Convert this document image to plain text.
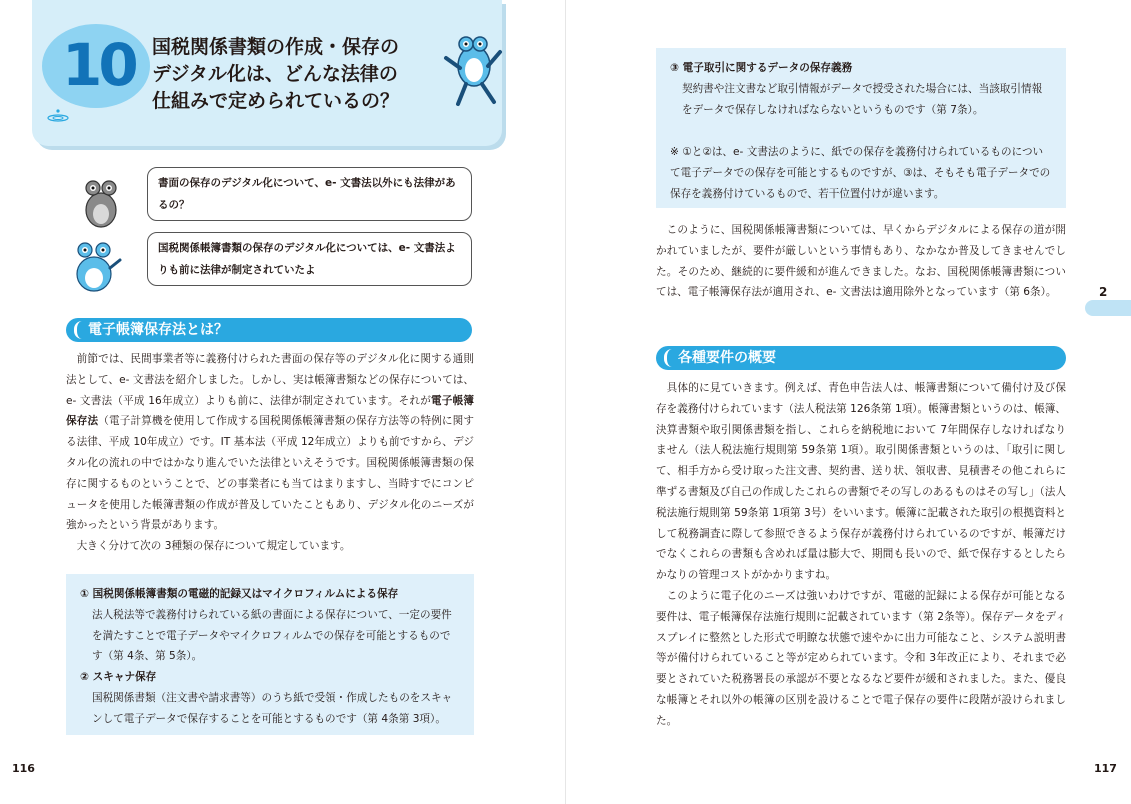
10 国税関係書類の作成・保存の
デジタル化は、どんな法律の
仕組みで定められているの？
書面の保存のデジタル化について、e- 文書法以外にも法律があるの？
国税関係帳簿書類の保存のデジタル化については、e- 文書法よりも前に法律が制定されていたよ
電子帳簿保存法とは？

前節では、民間事業者等に義務付けられた書面の保存等のデジタル化に関する通則法として、e- 文書法を紹介しました。しかし、実は帳簿書類などの保存については、e- 文書法（平成 16年成立）よりも前に、法律が制定されています。それが電子帳簿保存法（電子計算機を使用して作成する国税関係帳簿書類の保存方法等の特例に関する法律、平成 10年成立）です。IT 基本法（平成 12年成立）よりも前ですから、デジタル化の流れの中ではかなり進んでいた法律といえそうです。国税関係帳簿書類の保存に関するものということで、どの事業者にも当てはまりますし、当時すでにコンピュータを使用した帳簿書類の作成が普及していたこともあり、デジタル化のニーズが強かったという背景があります。

大きく分けて次の 3種類の保存について規定しています。

① 国税関係帳簿書類の電磁的記録又はマイクロフィルムによる保存
法人税法等で義務付けられている紙の書面による保存について、一定の要件を満たすことで電子データやマイクロフィルムでの保存を可能とするものです（第 4条、第 5条）。
② スキャナ保存
国税関係書類（注文書や請求書等）のうち紙で受領・作成したものをスキャンして電子データで保存することを可能とするものです（第 4条第 3項）。
116
③ 電子取引に関するデータの保存義務
契約書や注文書など取引情報がデータで授受された場合には、当該取引情報をデータで保存しなければならないというものです（第 7条）。
※ ①と②は、e- 文書法のように、紙での保存を義務付けられているものについて電子データでの保存を可能とするものですが、③は、そもそも電子データでの保存を義務付けているもので、若干位置付けが違います。

このように、国税関係帳簿書類については、早くからデジタルによる保存の道が開かれていましたが、要件が厳しいという事情もあり、なかなか普及してきませんでした。そのため、継続的に要件緩和が進んできました。なお、国税関係帳簿書類については、電子帳簿保存法が適用され、e- 文書法は適用除外となっています（第 6条）。

各種要件の概要

具体的に見ていきます。例えば、青色申告法人は、帳簿書類について備付け及び保存を義務付けられています（法人税法第 126条第 1項）。帳簿書類というのは、帳簿、決算書類や取引関係書類を指し、これらを納税地において 7年間保存しなければなりません（法人税法施行規則第 59条第 1項）。取引関係書類というのは、「取引に関して、相手方から受け取った注文書、契約書、送り状、領収書、見積書その他これらに準ずる書類及び自己の作成したこれらの書類でその写しのあるものはその写し」（法人税法施行規則第 59条第 1項第 3号）をいいます。帳簿に記載された取引の根拠資料として税務調査に際して参照できるよう保存が義務付けられているのですが、帳簿だけでなくこれらの書類も含めれば量は膨大で、期間も長いので、紙で保存するとしたらかなりの管理コストがかかりますね。

このように電子化のニーズは強いわけですが、電磁的記録による保存が可能となる要件は、電子帳簿保存法施行規則に記載されています（第 2条等）。保存データをディスプレイに整然とした形式で明瞭な状態で速やかに出力可能なこと、システム説明書等が備付けられていること等が定められています。令和 3年改正により、それまで必要とされていた税務署長の承認が不要となるなど要件が緩和されました。また、優良な帳簿とそれ以外の帳簿の区別を設けることで電子保存の要件に段階が設けられました。

117
2
